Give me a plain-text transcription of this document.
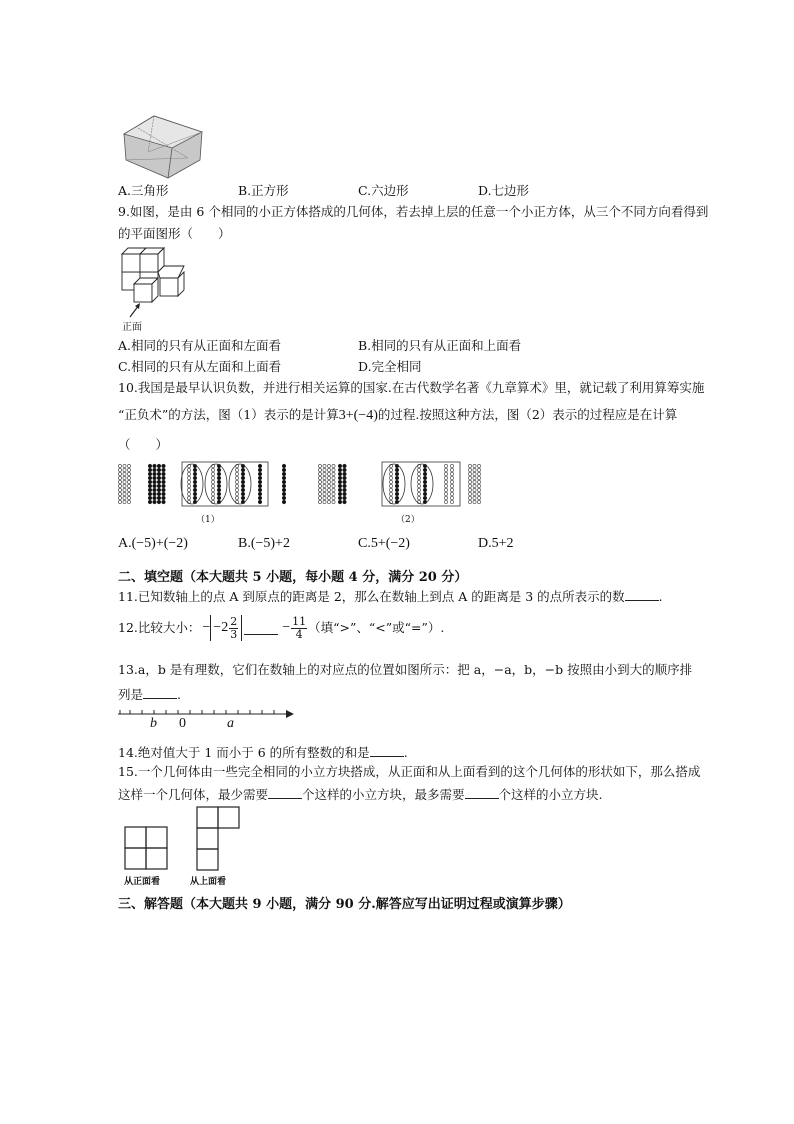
A.三角形	B.正方形	C.六边形	D.七边形
9.如图，是由 6 个相同的小正方体搭成的几何体，若去掉上层的任意一个小正方体，从三个不同方向看得到
的平面图形（　　）
正面
A.相同的只有从正面和左面看	B.相同的只有从正面和上面看
C.相同的只有从左面和上面看	D.完全相同
10.我国是最早认识负数，并进行相关运算的国家.在古代数学名著《九章算术》里，就记载了利用算筹实施
“正负术”的方法，图（1）表示的是计算3+(−4)的过程.按照这种方法，图（2）表示的过程应是在计算
（　　）
（1）	（2）
A.(−5)+(−2)	B.(−5)+2	C.5+(−2)	D.5+2
二、填空题（本大题共 5 小题，每小题 4 分，满分 20 分）
11.已知数轴上的点 A 到原点的距离是 2，那么在数轴上到点 A 的距离是 3 的点所表示的数	.
12.比较大小： − $-2 \frac{2}{3}$	− $\frac{11}{4}$ （填“>”、“<”或“=”）.
13.a，b 是有理数，它们在数轴上的对应点的位置如图所示：把 a，−a，b，−b 按照由小到大的顺序排
列是	.
b 0	a
14.绝对值大于 1 而小于 6 的所有整数的和是	.
15.一个几何体由一些完全相同的小立方块搭成，从正面和从上面看到的这个几何体的形状如下，那么搭成
这样一个几何体，最少需要	个这样的小立方块，最多需要	个这样的小立方块.
从正面看	从上面看
三、解答题（本大题共 9 小题，满分 90 分.解答应写出证明过程或演算步骤）
